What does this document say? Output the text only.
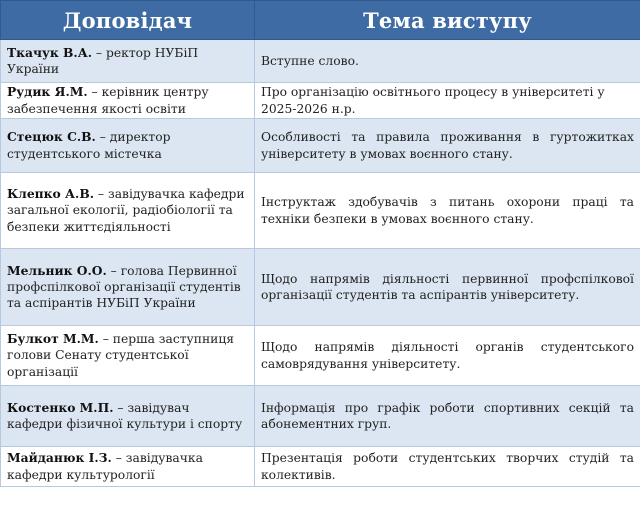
Доповідач	Тема виступу
Ткачук В.А. – ректор НУБіП України	Вступне слово.
Рудик Я.М. – керівник центру забезпечення якості освіти	Про організацію освітнього процесу в університеті у 2025-2026 н.р.
Стецюк С.В. – директор студентського містечка	Особливості та правила проживання в гуртожитках університету в умовах воєнного стану.
Клепко А.В. – завідувачка кафедри загальної екології, радіобіології та безпеки життєдіяльності	Інструктаж здобувачів з питань охорони праці та техніки безпеки в умовах воєнного стану.
Мельник О.О. – голова Первинної профспілкової організації студентів та аспірантів НУБіП України	Щодо напрямів діяльності первинної профспілкової організації студентів та аспірантів університету.
Булкот М.М. – перша заступниця голови Сенату студентської організації	Щодо напрямів діяльності органів студентського самоврядування університету.
Костенко М.П. – завідувач кафедри фізичної культури і спорту	Інформація про графік роботи спортивних секцій та абонементних груп.
Майданюк І.З. – завідувачка кафедри культурології	Презентація роботи студентських творчих студій та колективів.
